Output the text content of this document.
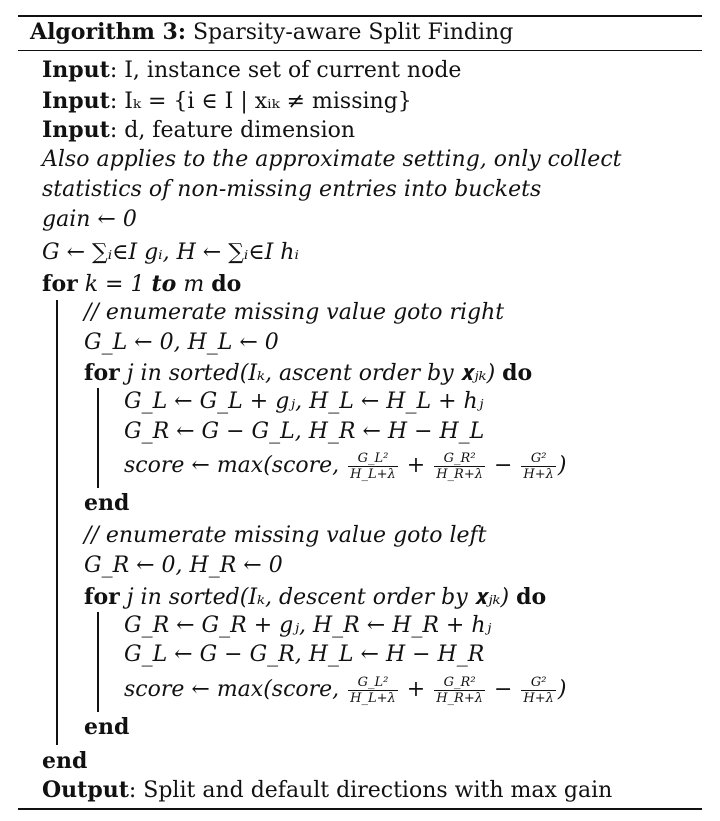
Algorithm 3: Sparsity-aware Split Finding
Input: I, instance set of current node
Input: Iₖ = {i ∈ I | xᵢₖ ≠ missing}
Input: d, feature dimension
Also applies to the approximate setting, only collect
statistics of non-missing entries into buckets
gain ← 0
G ← ∑ᵢ∈I gᵢ, H ← ∑ᵢ∈I hᵢ
for k = 1 to m do
// enumerate missing value goto right
G_L ← 0, H_L ← 0
for j in sorted(Iₖ, ascent order by 𝐱ⱼₖ) do
G_L ← G_L + gⱼ, H_L ← H_L + hⱼ
G_R ← G − G_L, H_R ← H − H_L
score ← max(score, $\frac{\text{G\_L²}}{H\_L+\lambda} + \frac{\text{G\_R²}}{H\_R+\lambda} - \frac{\text{G²}}{H+\lambda}$ )
end
// enumerate missing value goto left
G_R ← 0, H_R ← 0
for j in sorted(Iₖ, descent order by 𝐱ⱼₖ) do
G_R ← G_R + gⱼ, H_R ← H_R + hⱼ
G_L ← G − G_R, H_L ← H − H_R
score ← max(score, $\frac{\text{G\_L²}}{H\_L+\lambda} + \frac{\text{G\_R²}}{H\_R+\lambda} - \frac{\text{G²}}{H+\lambda}$ )
end
end
Output: Split and default directions with max gain
